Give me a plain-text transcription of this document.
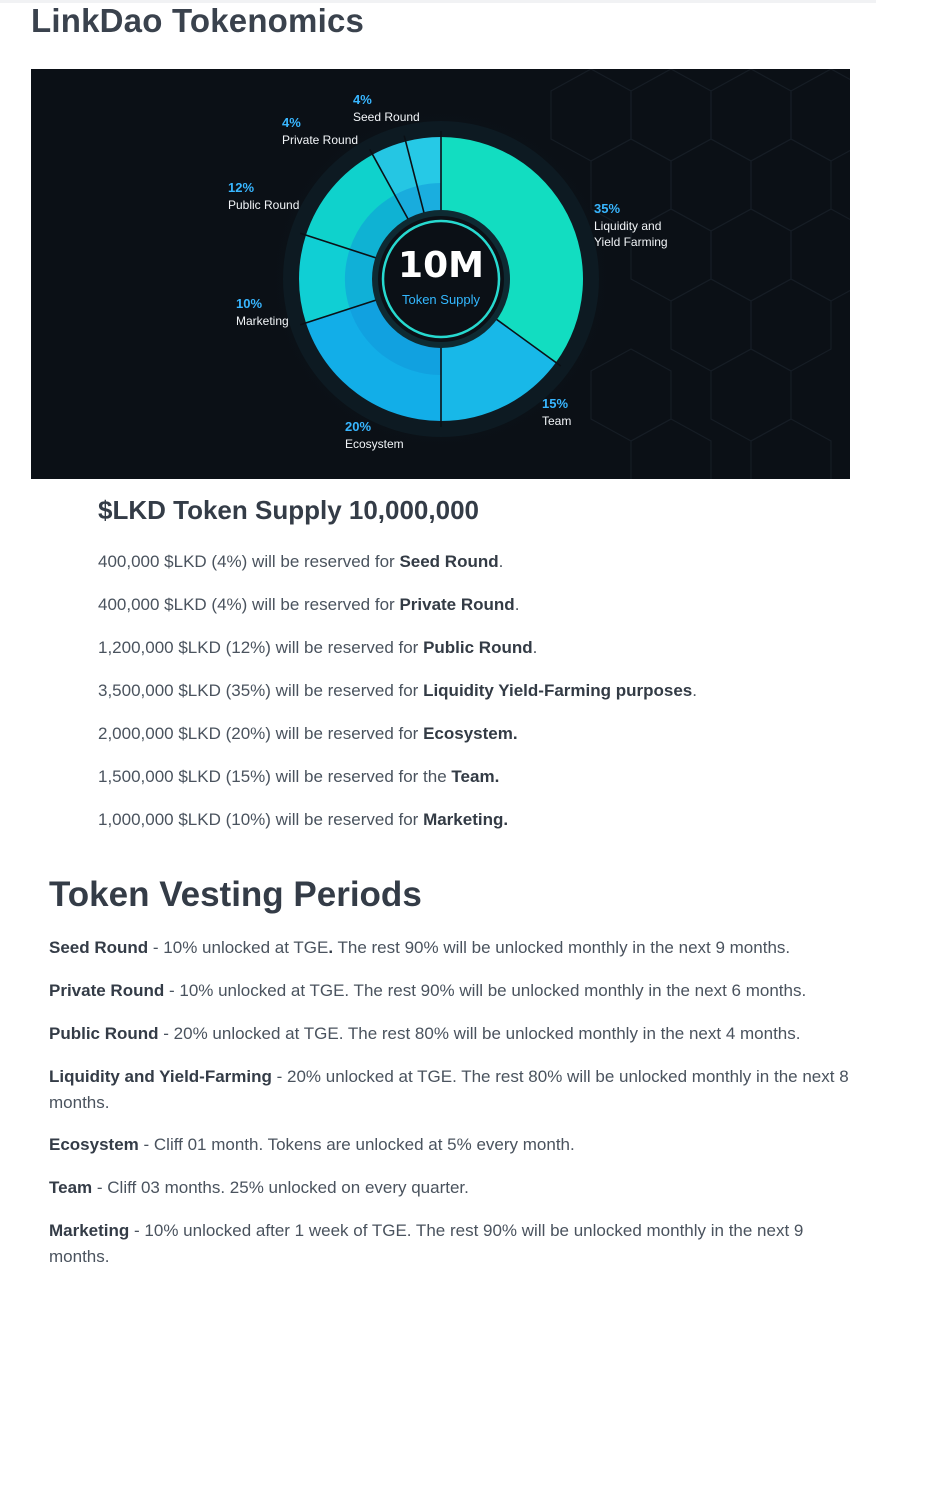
LinkDao Tokenomics
10M
Token Supply
35%
Liquidity and
Yield Farming
15%
Team
20%
Ecosystem
10%
Marketing
12%
Public Round
4%
Private Round
4%
Seed Round
$LKD Token Supply 10,000,000
400,000 $LKD (4%) will be reserved for Seed Round.
400,000 $LKD (4%) will be reserved for Private Round.
1,200,000 $LKD (12%) will be reserved for Public Round.
3,500,000 $LKD (35%) will be reserved for Liquidity Yield-Farming purposes.
2,000,000 $LKD (20%) will be reserved for Ecosystem.
1,500,000 $LKD (15%) will be reserved for the Team.
1,000,000 $LKD (10%) will be reserved for Marketing.
Token Vesting Periods

Seed Round - 10% unlocked at TGE. The rest 90% will be unlocked monthly in the next 9 months.

Private Round - 10% unlocked at TGE. The rest 90% will be unlocked monthly in the next 6 months.

Public Round - 20% unlocked at TGE. The rest 80% will be unlocked monthly in the next 4 months.

Liquidity and Yield-Farming - 20% unlocked at TGE. The rest 80% will be unlocked monthly in the next 8 months.

Ecosystem - Cliff 01 month. Tokens are unlocked at 5% every month.

Team - Cliff 03 months. 25% unlocked on every quarter.

Marketing - 10% unlocked after 1 week of TGE. The rest 90% will be unlocked monthly in the next 9 months.
